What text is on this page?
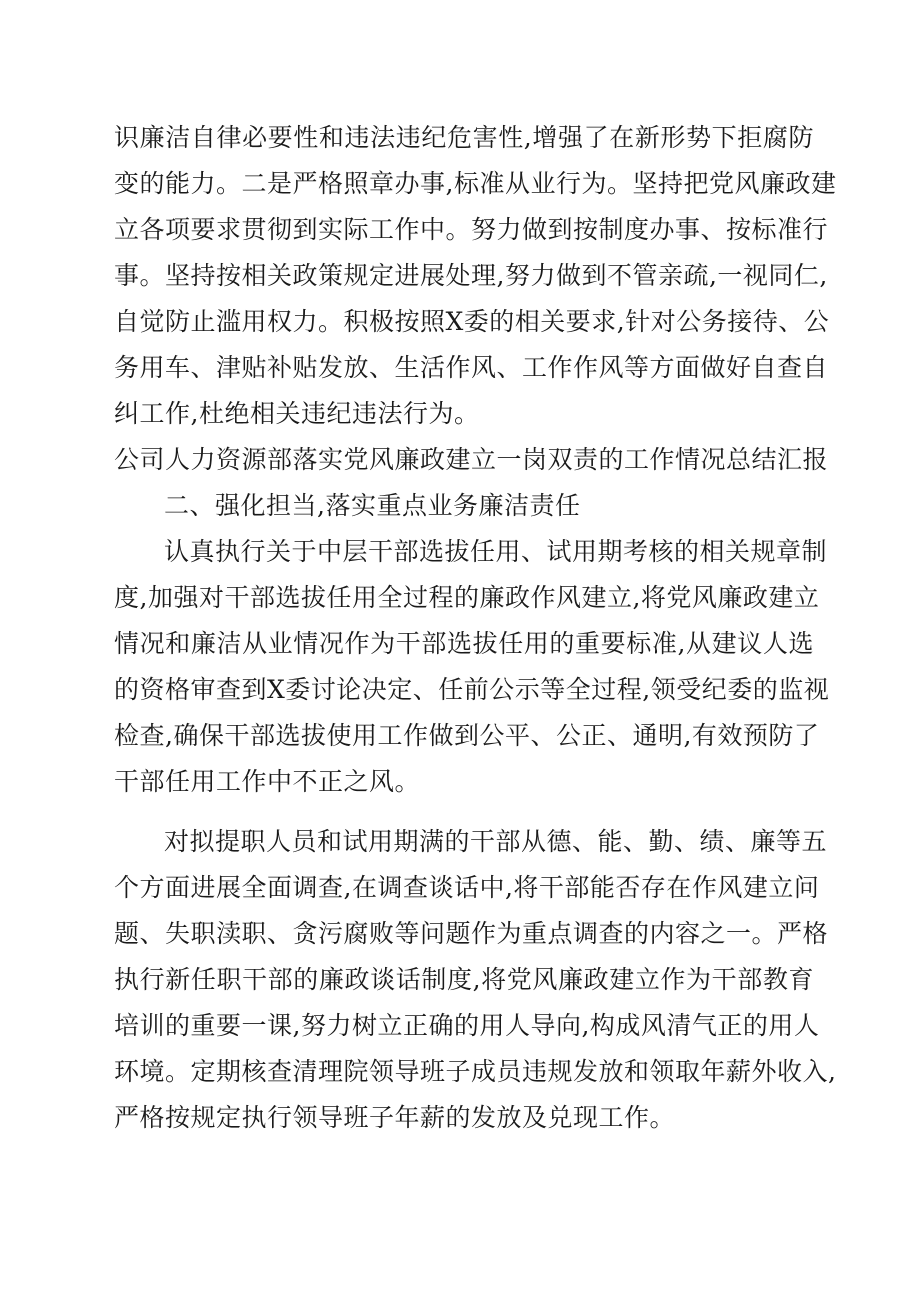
识廉洁自律必要性和违法违纪危害性,增强了在新形势下拒腐防
变的能力。二是严格照章办事,标准从业行为。坚持把党风廉政建
立各项要求贯彻到实际工作中。努力做到按制度办事、按标准行
事。坚持按相关政策规定进展处理,努力做到不管亲疏,一视同仁,
自觉防止滥用权力。积极按照X委的相关要求,针对公务接待、公
务用车、津贴补贴发放、生活作风、工作作风等方面做好自查自
纠工作,杜绝相关违纪违法行为。
公司人力资源部落实党风廉政建立一岗双责的工作情况总结汇报
二、强化担当,落实重点业务廉洁责任
认真执行关于中层干部选拔任用、试用期考核的相关规章制
度,加强对干部选拔任用全过程的廉政作风建立,将党风廉政建立
情况和廉洁从业情况作为干部选拔任用的重要标准,从建议人选
的资格审查到X委讨论决定、任前公示等全过程,领受纪委的监视
检查,确保干部选拔使用工作做到公平、公正、通明,有效预防了
干部任用工作中不正之风。
对拟提职人员和试用期满的干部从德、能、勤、绩、廉等五
个方面进展全面调查,在调查谈话中,将干部能否存在作风建立问
题、失职渎职、贪污腐败等问题作为重点调查的内容之一。严格
执行新任职干部的廉政谈话制度,将党风廉政建立作为干部教育
培训的重要一课,努力树立正确的用人导向,构成风清气正的用人
环境。定期核查清理院领导班子成员违规发放和领取年薪外收入,
严格按规定执行领导班子年薪的发放及兑现工作。
